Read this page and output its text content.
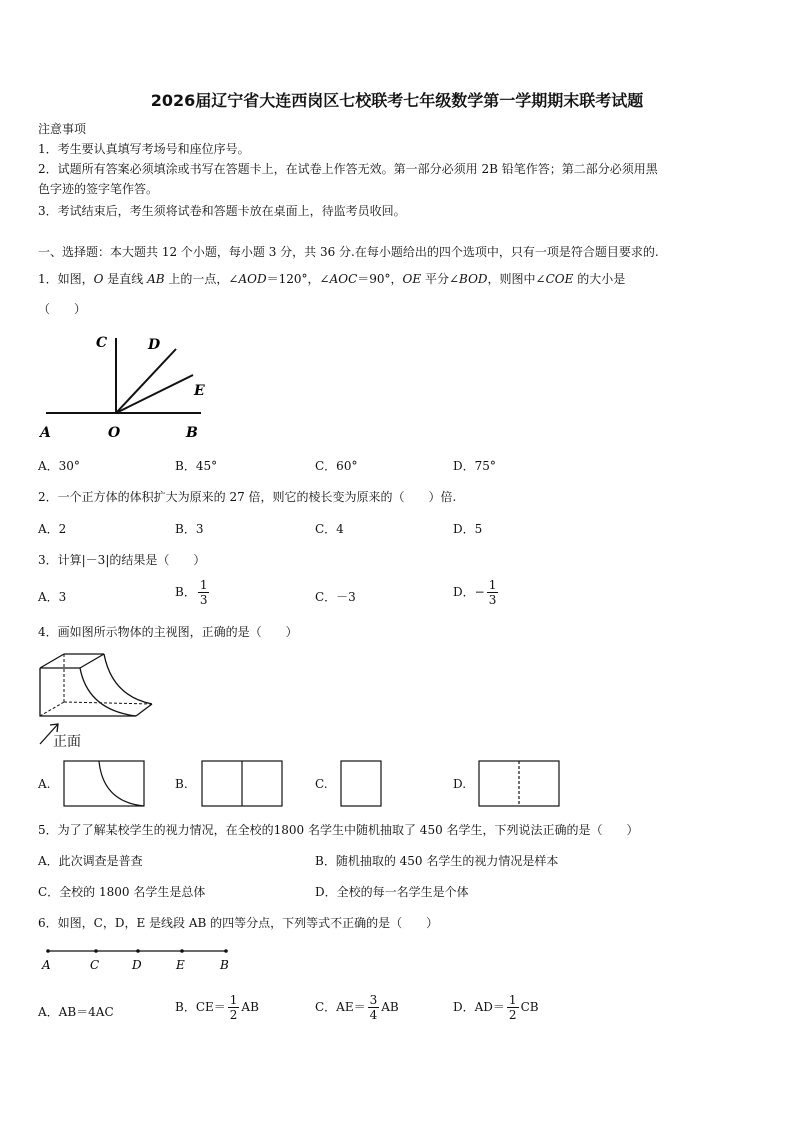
2026届辽宁省大连西岗区七校联考七年级数学第一学期期末联考试题
注意事项
1．考生要认真填写考场号和座位序号。
2．试题所有答案必须填涂或书写在答题卡上，在试卷上作答无效。第一部分必须用 2B 铅笔作答；第二部分必须用黑
色字迹的签字笔作答。
3．考试结束后，考生须将试卷和答题卡放在桌面上，待监考员收回。
一、选择题：本大题共 12 个小题，每小题 3 分，共 36 分.在每小题给出的四个选项中，只有一项是符合题目要求的.
1．如图，O 是直线 AB 上的一点，∠AOD＝120°，∠AOC＝90°，OE 平分∠BOD，则图中∠COE 的大小是
（　　）
C	D
E
A	O	B
A．30°	B．45°	C．60°	D．75°
2．一个正方体的体积扩大为原来的 27 倍，则它的棱长变为原来的（　　）倍.
A．2	B．3	C．4	D．5
3．计算|－3|的结果是（　　）
A．3	B． $\frac{1}{3}$	C．－3	D．− $\frac{1}{3}$
4．画如图所示物体的主视图，正确的是（　　）
正面
A.	B.	C.	D.
5．为了了解某校学生的视力情况，在全校的1800 名学生中随机抽取了 450 名学生，下列说法正确的是（　　）
A．此次调查是普查	B．随机抽取的 450 名学生的视力情况是样本
C．全校的 1800 名学生是总体	D．全校的每一名学生是个体
6．如图，C，D，E 是线段 AB 的四等分点，下列等式不正确的是（　　）
A	C	D	E	B
A．AB＝4AC	B．$CE= \frac{1}{2}$ AB	C．$AE= \frac{3}{4}$ AB	D．$AD= \frac{1}{2}$ CB
